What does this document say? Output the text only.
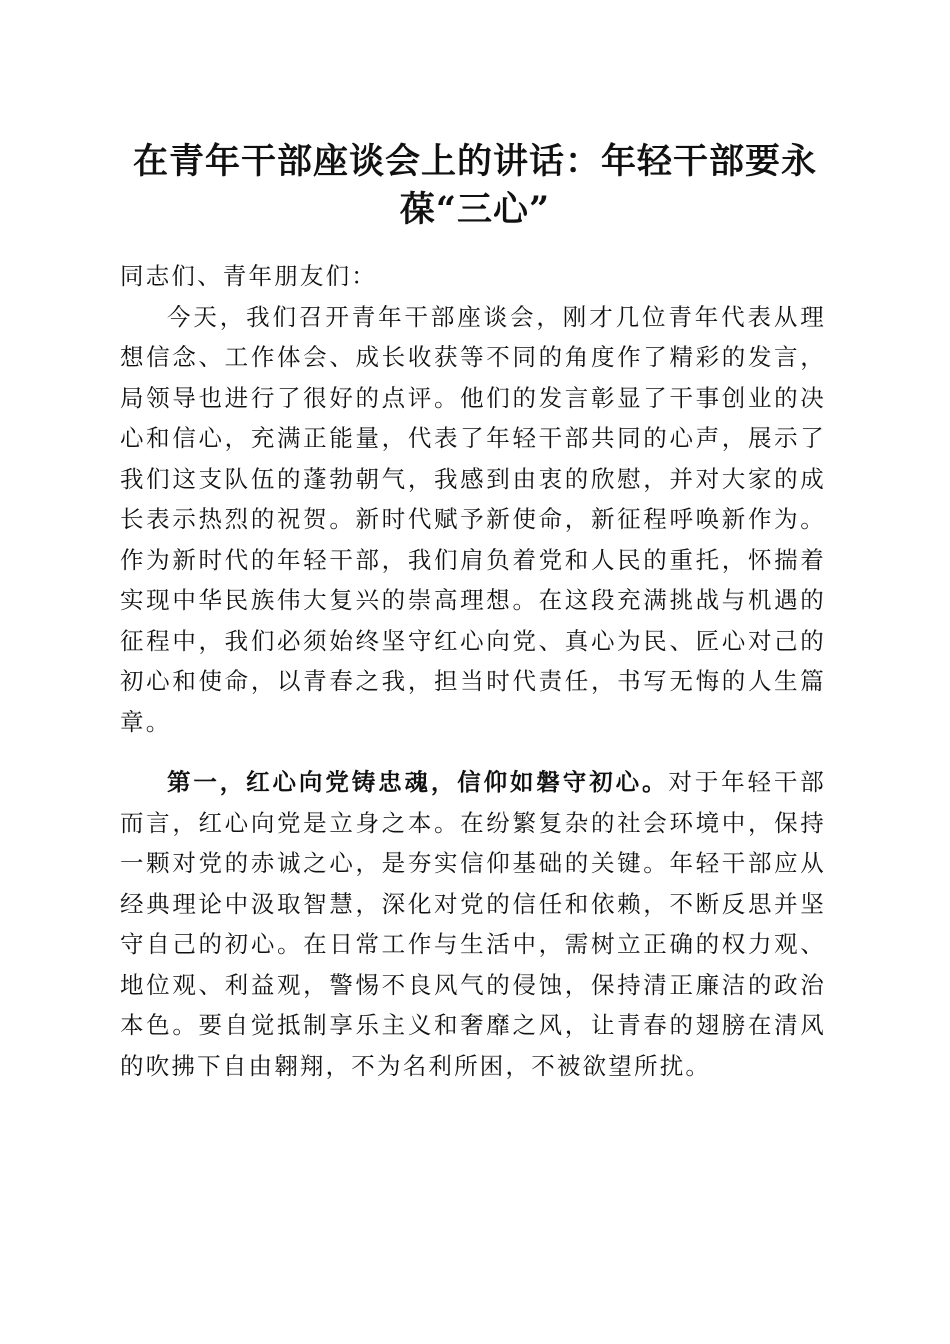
在青年干部座谈会上的讲话：年轻干部要永葆“三心”

同志们、青年朋友们：

今天，我们召开青年干部座谈会，刚才几位青年代表从理想信念、工作体会、成长收获等不同的角度作了精彩的发言，局领导也进行了很好的点评。他们的发言彰显了干事创业的决心和信心，充满正能量，代表了年轻干部共同的心声，展示了我们这支队伍的蓬勃朝气，我感到由衷的欣慰，并对大家的成长表示热烈的祝贺。新时代赋予新使命，新征程呼唤新作为。作为新时代的年轻干部，我们肩负着党和人民的重托，怀揣着实现中华民族伟大复兴的崇高理想。在这段充满挑战与机遇的征程中，我们必须始终坚守红心向党、真心为民、匠心对己的初心和使命，以青春之我，担当时代责任，书写无悔的人生篇章。

第一，红心向党铸忠魂，信仰如磐守初心。对于年轻干部而言，红心向党是立身之本。在纷繁复杂的社会环境中，保持一颗对党的赤诚之心，是夯实信仰基础的关键。年轻干部应从经典理论中汲取智慧，深化对党的信任和依赖，不断反思并坚守自己的初心。在日常工作与生活中，需树立正确的权力观、地位观、利益观，警惕不良风气的侵蚀，保持清正廉洁的政治本色。要自觉抵制享乐主义和奢靡之风，让青春的翅膀在清风的吹拂下自由翱翔，不为名利所困，不被欲望所扰。
